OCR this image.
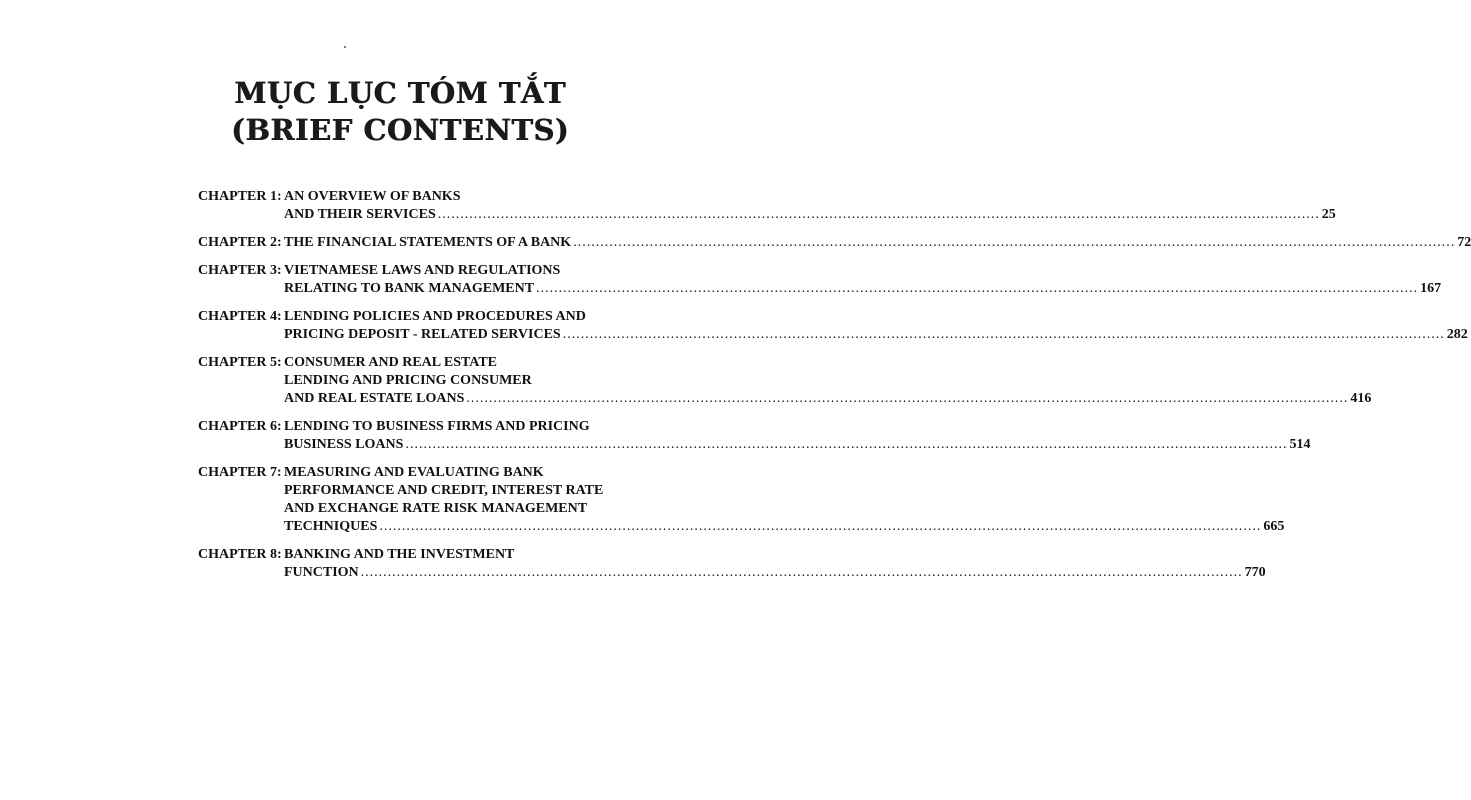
MỤC LỤC TÓM TẮT
(BRIEF CONTENTS)
CHAPTER 1: AN OVERVIEW OF BANKS
AND THEIR SERVICES .....	25
CHAPTER 2: THE FINANCIAL STATEMENTS OF A BANK .....	72
CHAPTER 3: VIETNAMESE LAWS AND REGULATIONS
RELATING TO BANK MANAGEMENT .....	167
CHAPTER 4: LENDING POLICIES AND PROCEDURES AND
PRICING DEPOSIT - RELATED SERVICES .....	282
CHAPTER 5: CONSUMER AND REAL ESTATE
LENDING AND PRICING CONSUMER
AND REAL ESTATE LOANS .....	416
CHAPTER 6: LENDING TO BUSINESS FIRMS AND PRICING
BUSINESS LOANS .....	514
CHAPTER 7: MEASURING AND EVALUATING BANK
PERFORMANCE AND CREDIT, INTEREST RATE
AND EXCHANGE RATE RISK MANAGEMENT
TECHNIQUES .....	665
CHAPTER 8: BANKING AND THE INVESTMENT
FUNCTION .....	770
